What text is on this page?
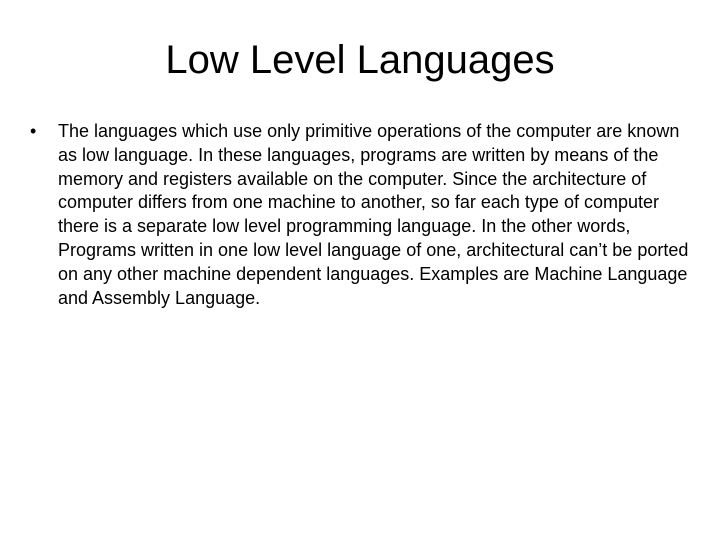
Low Level Languages
•	The languages which use only primitive operations of the computer are known as low language. In these languages, programs are written by means of the memory and registers available on the computer. Since the architecture of computer differs from one machine to another, so far each type of computer there is a separate low level programming language. In the other words, Programs written in one low level language of one, architectural can’t be ported on any other machine dependent languages. Examples are Machine Language and Assembly Language.
